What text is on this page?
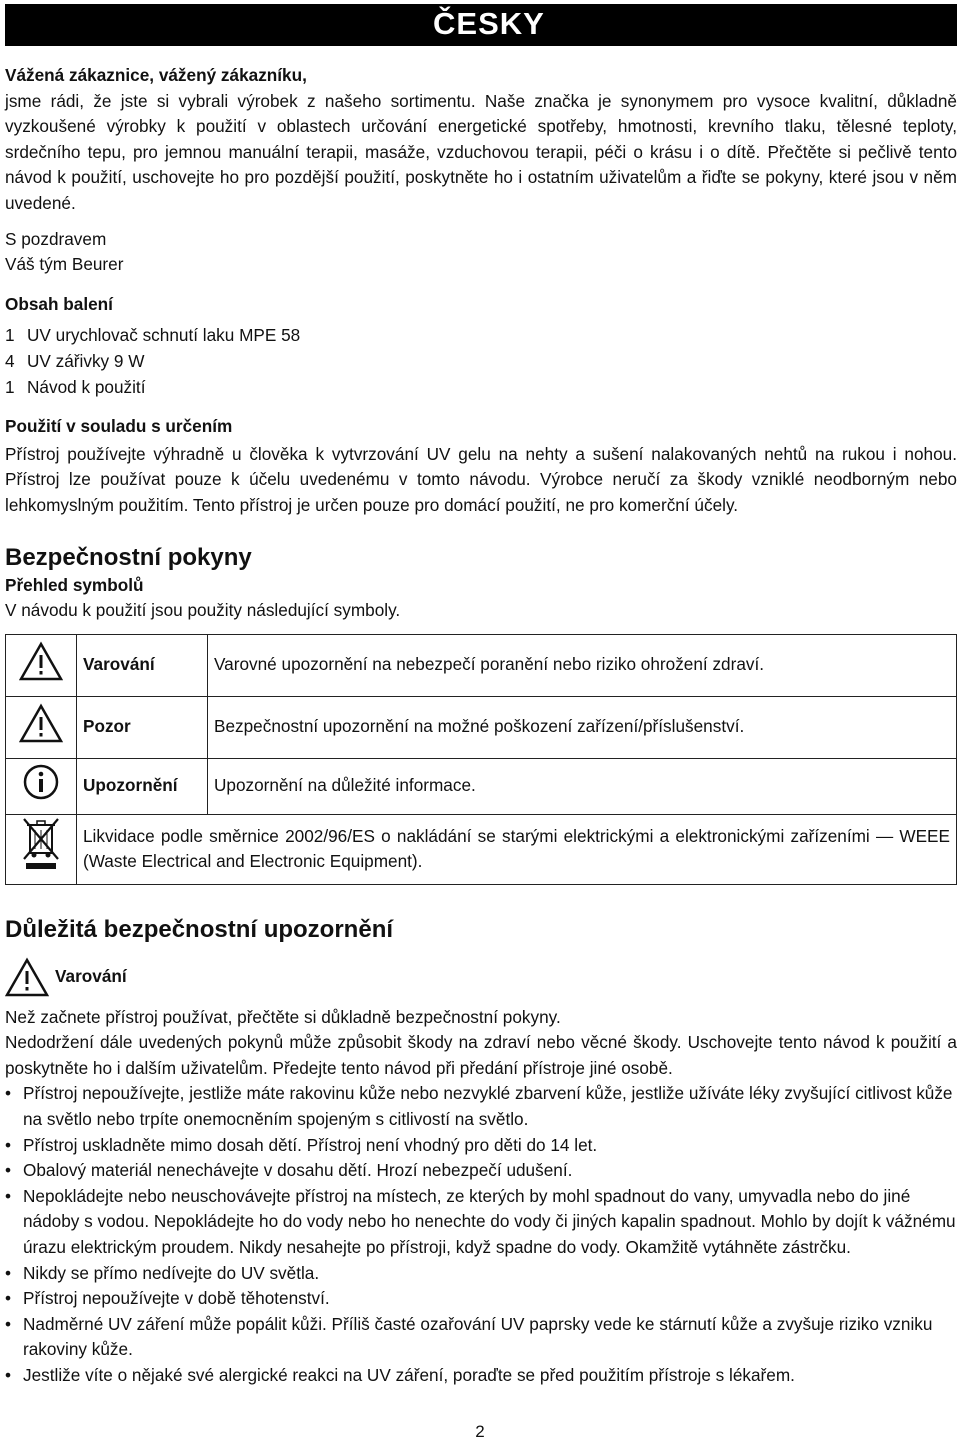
ČESKY

Vážená zákaznice, vážený zákazníku,

jsme rádi, že jste si vybrali výrobek z našeho sortimentu. Naše značka je synonymem pro vysoce kvalitní, důkladně vyzkoušené výrobky k použití v oblastech určování energetické spotřeby, hmotnosti, krevního tlaku, tělesné teploty, srdečního tepu, pro jemnou manuální terapii, masáže, vzduchovou terapii, péči o krásu i o dítě. Přečtěte si pečlivě tento návod k použití, uschovejte ho pro pozdější použití, poskytněte ho i ostatním uživatelům a řiďte se pokyny, které jsou v něm uvedené.

S pozdravem

Váš tým Beurer

Obsah balení

1 UV urychlovač schnutí laku MPE 58
4 UV zářivky 9 W
1 Návod k použití

Použití v souladu s určením

Přístroj používejte výhradně u člověka k vytvrzování UV gelu na nehty a sušení nalakovaných nehtů na rukou i nohou. Přístroj lze používat pouze k účelu uvedenému v tomto návodu. Výrobce neručí za škody vzniklé neodborným nebo lehkomyslným použitím. Tento přístroj je určen pouze pro domácí použití, ne pro komerční účely.

Bezpečnostní pokyny

Přehled symbolů

V návodu k použití jsou použity následující symboly.

	Varování	Varovné upozornění na nebezpečí poranění nebo riziko ohrožení zdraví.
	Pozor	Bezpečnostní upozornění na možné poškození zařízení/příslušenství.
	Upozornění	Upozornění na důležité informace.
	Likvidace podle směrnice 2002/96/ES o nakládání se starými elektrickými a elektronickými zařízeními — WEEE (Waste Electrical and Electronic Equipment).	

Důležitá bezpečnostní upozornění

Varování

Než začnete přístroj používat, přečtěte si důkladně bezpečnostní pokyny.

Nedodržení dále uvedených pokynů může způsobit škody na zdraví nebo věcné škody. Uschovejte tento návod k použití a poskytněte ho i dalším uživatelům. Předejte tento návod při předání přístroje jiné osobě.

• Přístroj nepoužívejte, jestliže máte rakovinu kůže nebo nezvyklé zbarvení kůže, jestliže užíváte léky zvyšující citlivost kůže na světlo nebo trpíte onemocněním spojeným s citlivostí na světlo.
• Přístroj uskladněte mimo dosah dětí. Přístroj není vhodný pro děti do 14 let.
• Obalový materiál nenechávejte v dosahu dětí. Hrozí nebezpečí udušení.
• Nepokládejte nebo neuschovávejte přístroj na místech, ze kterých by mohl spadnout do vany, umyvadla nebo do jiné nádoby s vodou. Nepokládejte ho do vody nebo ho nenechte do vody či jiných kapalin spadnout. Mohlo by dojít k vážnému úrazu elektrickým proudem. Nikdy nesahejte po přístroji, když spadne do vody. Okamžitě vytáhněte zástrčku.
• Nikdy se přímo nedívejte do UV světla.
• Přístroj nepoužívejte v době těhotenství.
• Nadměrné UV záření může popálit kůži. Příliš časté ozařování UV paprsky vede ke stárnutí kůže a zvyšuje riziko vzniku rakoviny kůže.
• Jestliže víte o nějaké své alergické reakci na UV záření, poraďte se před použitím přístroje s lékařem.
2
